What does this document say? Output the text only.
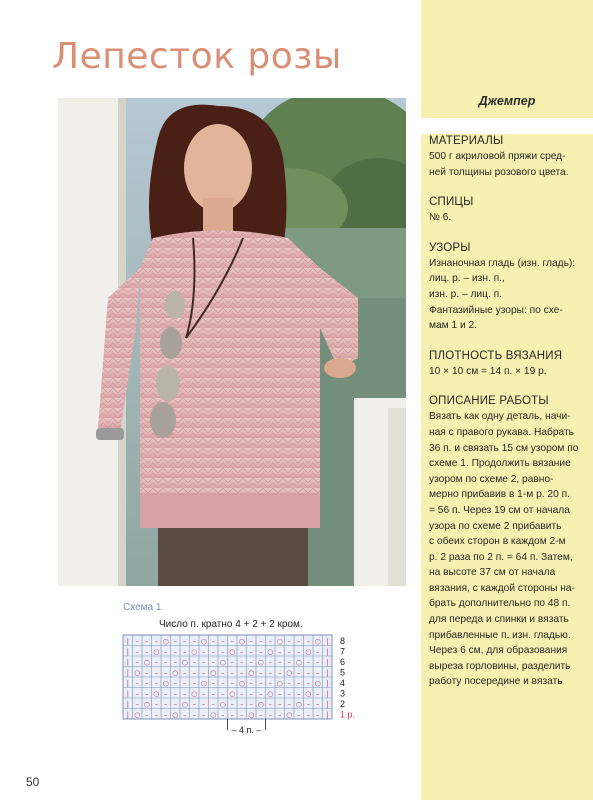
Лепесток розы
Джемпер
МАТЕРИАЛЫ
500 г акриловой пряжи сред-
ней толщины розового цвета.
СПИЦЫ
№ 6.
УЗОРЫ
Изнаночная гладь (изн. гладь):
лиц. р. – изн. п.,
изн. р. – лиц. п.
Фантазийные узоры: по схе-
мам 1 и 2.
ПЛОТНОСТЬ ВЯЗАНИЯ
10 × 10 см = 14 п. × 19 р.
ОПИСАНИЕ РАБОТЫ
Вязать как одну деталь, начи-
ная с правого рукава. Набрать
36 п. и связать 15 см узором по
схеме 1. Продолжить вязание
узором по схеме 2, равно-
мерно прибавив в 1-м р. 20 п.
= 56 п. Через 19 см от начала
узора по схеме 2 прибавить
с обеих сторон в каждом 2-м
р. 2 раза по 2 п. = 64 п. Затем,
на высоте 37 см от начала
вязания, с каждой стороны на-
брать дополнительно по 48 п.
для переда и спинки и вязать
прибавленные п. изн. гладью.
Через 6 см, для образования
выреза горловины, разделить
работу посередине и вязать
Схема 1
Число п. кратно 4 + 2 + 2 кром.
| – – – ○ – – – ○ – – – ○ – – – ○ – – – ○ |
| – – ○ – – – ○ – – – ○ – – – ○ – – – ○ – |
| – ○ – – – ○ – – – ○ – – – ○ – – – ○ – – |
| ○ – – – ○ – – – ○ – – – ○ – – – ○ – – – |
| – – – ○ – – – ○ – – – ○ – – – ○ – – – ○ |
| – – ○ – – – ○ – – – ○ – – – ○ – – – ○ – |
| – ○ – – – ○ – – – ○ – – – ○ – – – ○ – – |
| ○ – – – ○ – – – ○ – – – ○ – – – ○ – – – |
8
7
6
5
4
3
2
1 р.
– 4 п. –
50
